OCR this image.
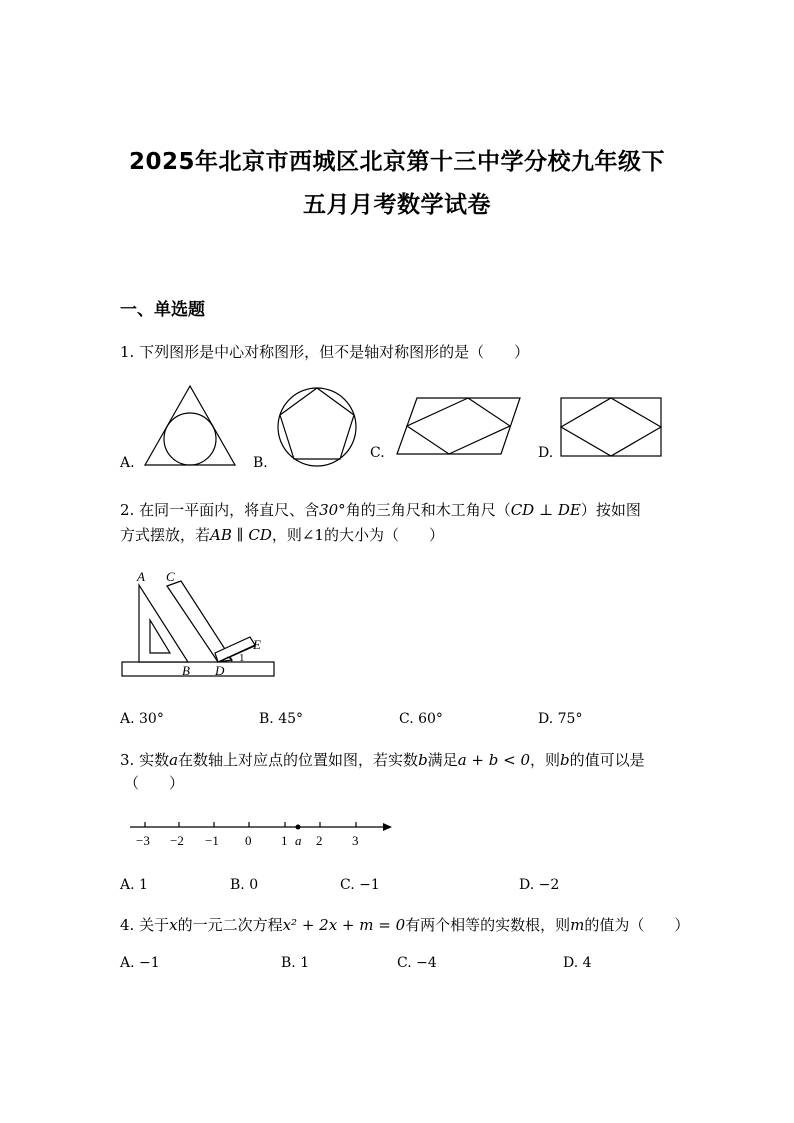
2025年北京市西城区北京第十三中学分校九年级下
五月月考数学试卷
一、单选题
1. 下列图形是中心对称图形，但不是轴对称图形的是（　　）
A.	B.
C.	D.
2. 在同一平面内，将直尺、含30°角的三角尺和木工角尺（CD ⊥ DE）按如图
方式摆放，若AB ∥ CD，则∠1的大小为（　　）
A C
B D
E
1
A. 30°	B. 45°	C. 60°	D. 75°
3. 实数a在数轴上对应点的位置如图，若实数b满足a + b < 0，则b的值可以是
（　　）
−3 −2 −1 0 1 2 3
a
A. 1	B. 0	C. −1	D. −2
4. 关于x的一元二次方程x² + 2x + m = 0有两个相等的实数根，则m的值为（　　）
A. −1	B. 1	C. −4	D. 4
